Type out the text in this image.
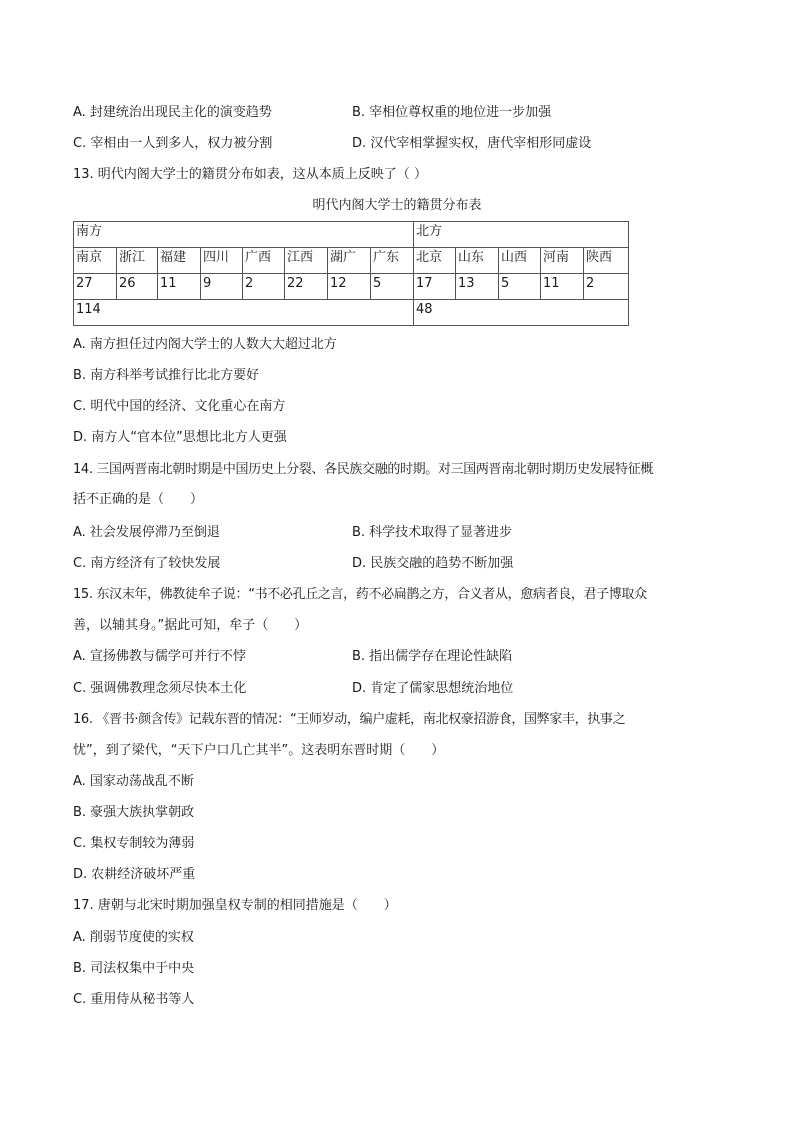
A. 封建统治出现民主化的演变趋势	B. 宰相位尊权重的地位进一步加强
C. 宰相由一人到多人，权力被分割	D. 汉代宰相掌握实权，唐代宰相形同虚设
13. 明代内阁大学士的籍贯分布如表，这从本质上反映了（ ）
明代内阁大学士的籍贯分布表
南方								北方				
南京	浙江	福建	四川	广西	江西	湖广	广东	北京	山东	山西	河南	陕西
27	26	11	9	2	22	12	5	17	13	5	11	2
114								48				
A. 南方担任过内阁大学士的人数大大超过北方
B. 南方科举考试推行比北方要好
C. 明代中国的经济、文化重心在南方
D. 南方人“官本位”思想比北方人更强
14. 三国两晋南北朝时期是中国历史上分裂、各民族交融的时期。对三国两晋南北朝时期历史发展特征概
括不正确的是（　　）
A. 社会发展停滞乃至倒退	B. 科学技术取得了显著进步
C. 南方经济有了较快发展	D. 民族交融的趋势不断加强
15. 东汉末年，佛教徒牟子说：“书不必孔丘之言，药不必扁鹊之方，合义者从，愈病者良，君子博取众
善，以辅其身。”据此可知，牟子（　　）
A. 宣扬佛教与儒学可并行不悖	B. 指出儒学存在理论性缺陷
C. 强调佛教理念须尽快本土化	D. 肯定了儒家思想统治地位
16. 《晋书·颜含传》记载东晋的情况：“王师岁动，编户虚耗，南北权豪招游食，国弊家丰，执事之
忧”，到了梁代，“天下户口几亡其半”。这表明东晋时期（　　）
A. 国家动荡战乱不断
B. 豪强大族执掌朝政
C. 集权专制较为薄弱
D. 农耕经济破坏严重
17. 唐朝与北宋时期加强皇权专制的相同措施是（　　）
A. 削弱节度使的实权
B. 司法权集中于中央
C. 重用侍从秘书等人
